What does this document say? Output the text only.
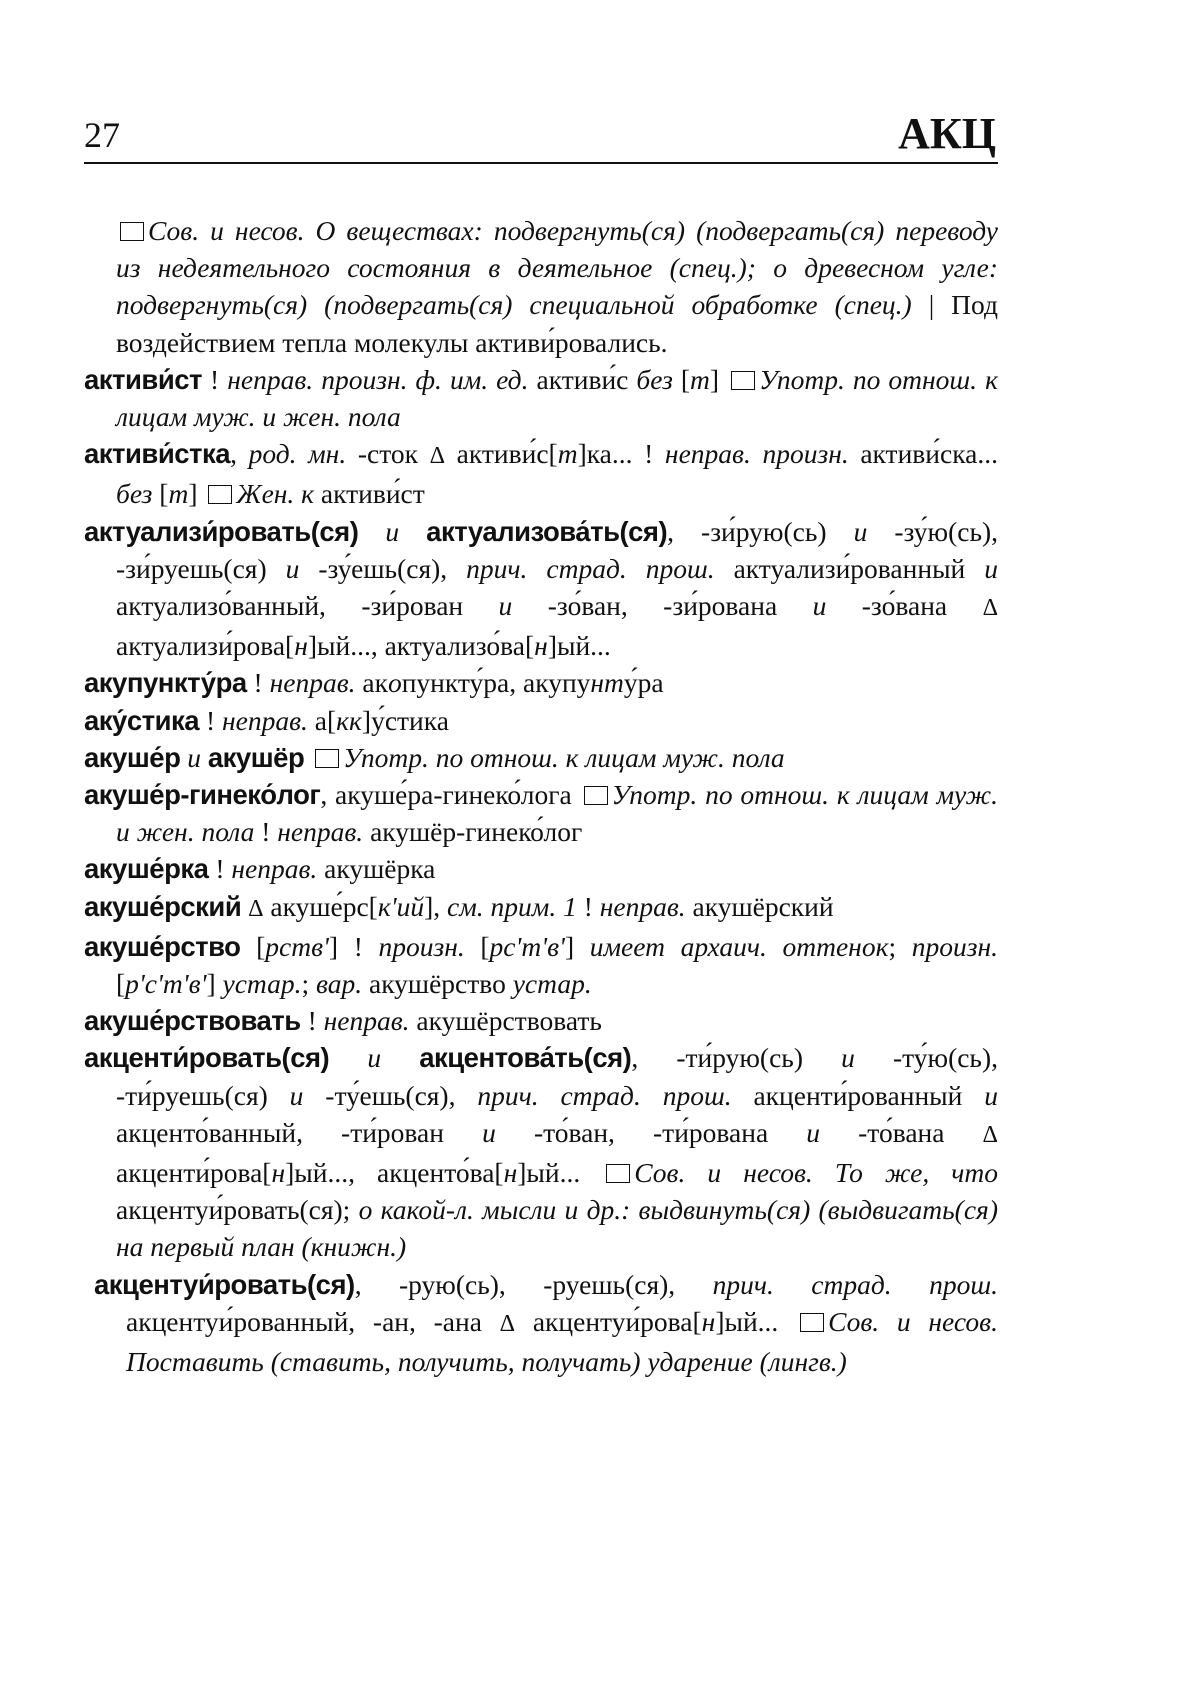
27	АКЦ

Сов. и несов. О веществах: подвергнуть(ся) (подвергать(ся) переводу из недеятельного состояния в деятельное (спец.); о древесном угле: подвергнуть(ся) (подвергать(ся) специальной обработке (спец.) | Под воздействием тепла молекулы активи́ровались.

активи́ст ! неправ. произн. ф. им. ед. активи́с без [т] Употр. по отнош. к лицам муж. и жен. пола

активи́стка, род. мн. -сток Δ активи́с[т]ка... ! неправ. произн. активи́ска... без [т] Жен. к активи́ст

актуализи́ровать(ся) и актуализова́ть(ся), -зи́рую(сь) и -зу́ю(сь), -зи́руешь(ся) и -зу́ешь(ся), прич. страд. прош. актуализи́рованный и актуализо́ванный, -зи́рован и -зо́ван, -зи́рована и -зо́вана Δ актуализи́рова[н]ый..., актуализо́ва[н]ый...

акупункту́ра ! неправ. акопункту́ра, акупунту́ра

аку́стика ! неправ. а[кк]у́стика

акуше́р и акушёр Употр. по отнош. к лицам муж. пола

акуше́р-гинеко́лог, акуше́ра-гинеко́лога Употр. по отнош. к лицам муж. и жен. пола ! неправ. акушёр-гинеко́лог

акуше́рка ! неправ. акушёрка

акуше́рский Δ акуше́рс[к'ий], см. прим. 1 ! неправ. акушёрский

акуше́рство [рств'] ! произн. [рс'т'в'] имеет архаич. оттенок; произн. [р'с'т'в'] устар.; вар. акушёрство устар.

акуше́рствовать ! неправ. акушёрствовать

акценти́ровать(ся) и акцентова́ть(ся), -ти́рую(сь) и -ту́ю(сь), -ти́руешь(ся) и -ту́ешь(ся), прич. страд. прош. акценти́рованный и акценто́ванный, -ти́рован и -то́ван, -ти́рована и -то́вана Δ акценти́рова[н]ый..., акценто́ва[н]ый... Сов. и несов. То же, что акцентуи́ровать(ся); о какой-л. мысли и др.: выдвинуть(ся) (выдвигать(ся) на первый план (книжн.)

акцентуи́ровать(ся), -рую(сь), -руешь(ся), прич. страд. прош. акцентуи́рованный, -ан, -ана Δ акцентуи́рова[н]ый... Сов. и несов. Поставить (ставить, получить, получать) ударение (лингв.)
